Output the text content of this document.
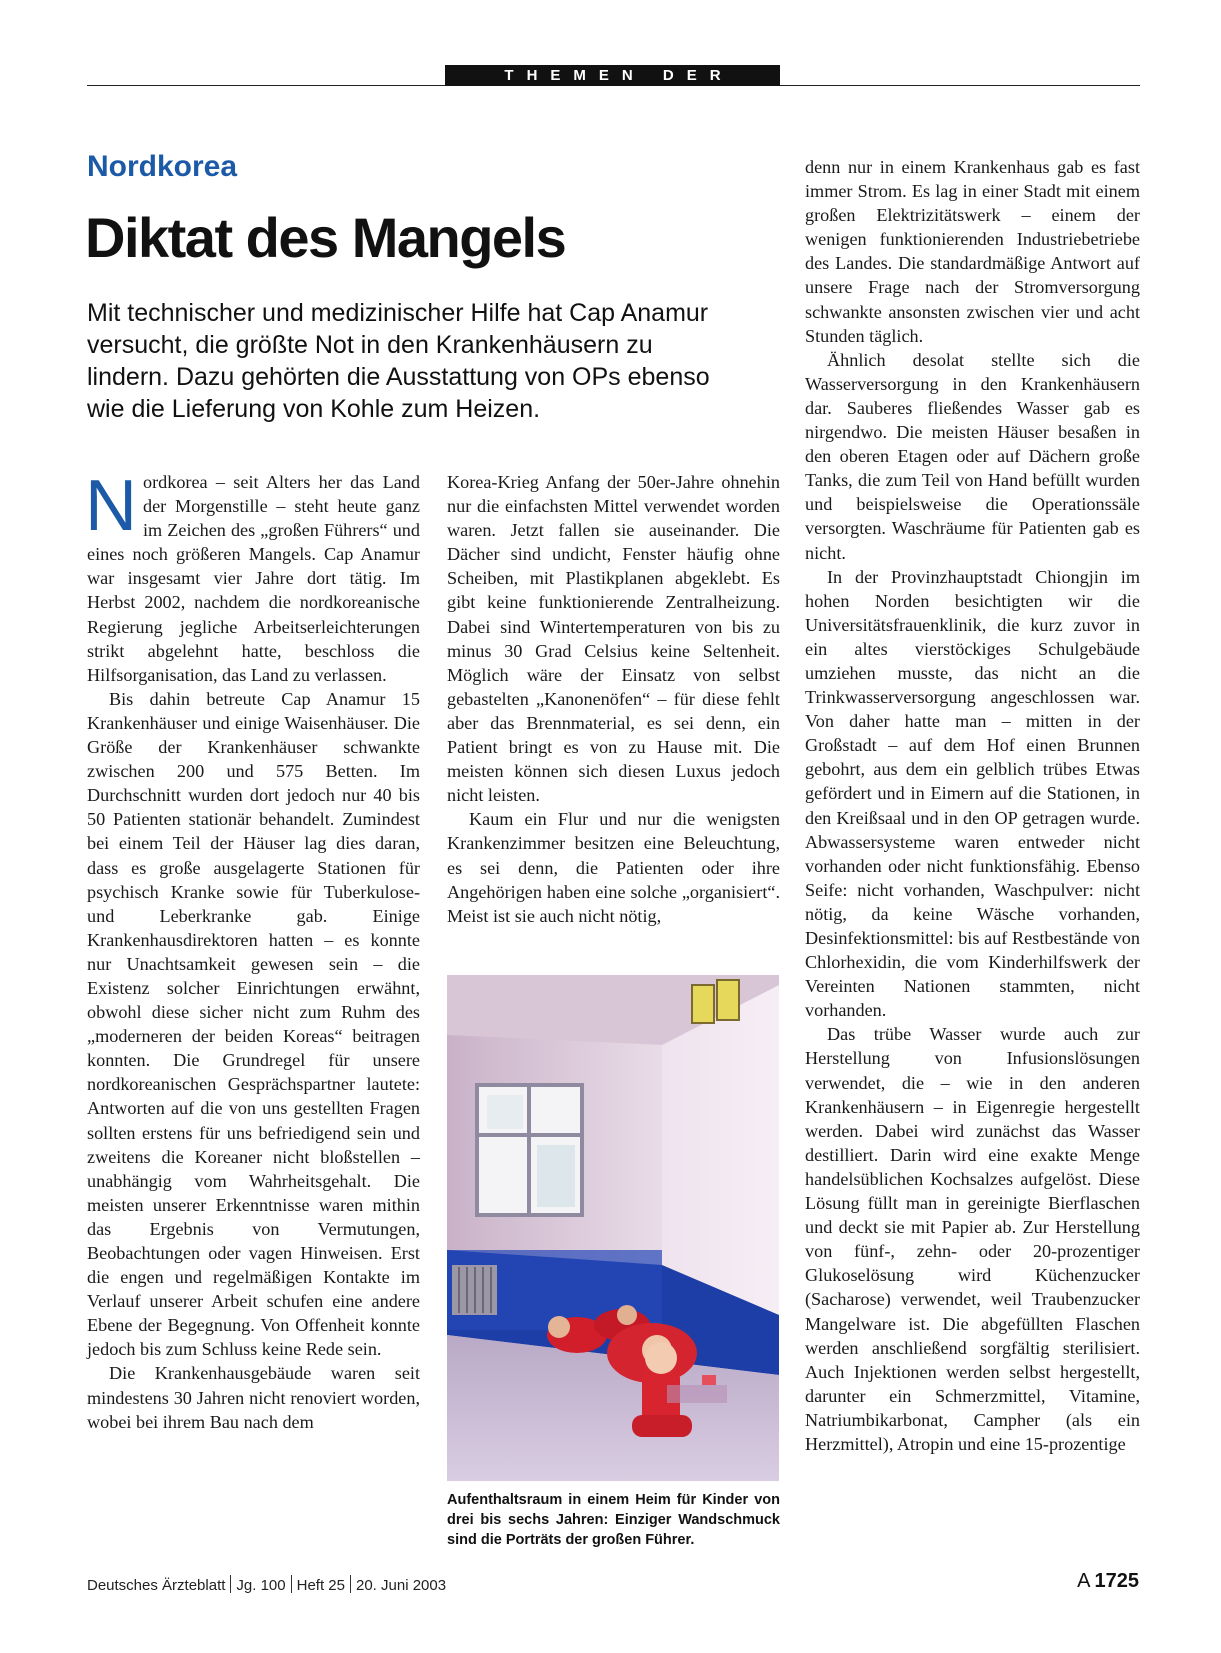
THEMEN DER ZEIT
Nordkorea
Diktat des Mangels
Mit technischer und medizinischer Hilfe hat Cap Anamur versucht, die größte Not in den Krankenhäusern zu lindern. Dazu gehörten die Ausstattung von OPs ebenso wie die Lieferung von Kohle zum Heizen.

Nordkorea – seit Alters her das Land der Morgenstille – steht heute ganz im Zeichen des „großen Führers“ und eines noch größeren Mangels. Cap Anamur war insgesamt vier Jahre dort tätig. Im Herbst 2002, nachdem die nordkoreanische Regierung jegliche Arbeitserleichterungen strikt abgelehnt hatte, beschloss die Hilfsorganisation, das Land zu verlassen.

Bis dahin betreute Cap Anamur 15 Krankenhäuser und einige Waisenhäuser. Die Größe der Krankenhäuser schwankte zwischen 200 und 575 Betten. Im Durchschnitt wurden dort jedoch nur 40 bis 50 Patienten stationär behandelt. Zumindest bei einem Teil der Häuser lag dies daran, dass es große ausgelagerte Stationen für psychisch Kranke sowie für Tuberkulose- und Leberkranke gab. Einige Krankenhausdirektoren hatten – es konnte nur Unachtsamkeit gewesen sein – die Existenz solcher Einrichtungen erwähnt, obwohl diese sicher nicht zum Ruhm des „moderneren der beiden Koreas“ beitragen konnten. Die Grundregel für unsere nordkoreanischen Gesprächspartner lautete: Antworten auf die von uns gestellten Fragen sollten erstens für uns befriedigend sein und zweitens die Koreaner nicht bloßstellen – unabhängig vom Wahrheitsgehalt. Die meisten unserer Erkenntnisse waren mithin das Ergebnis von Vermutungen, Beobachtungen oder vagen Hinweisen. Erst die engen und regelmäßigen Kontakte im Verlauf unserer Arbeit schufen eine andere Ebene der Begegnung. Von Offenheit konnte jedoch bis zum Schluss keine Rede sein.

Die Krankenhausgebäude waren seit mindestens 30 Jahren nicht renoviert worden, wobei bei ihrem Bau nach dem

Korea-Krieg Anfang der 50er-Jahre ohnehin nur die einfachsten Mittel verwendet worden waren. Jetzt fallen sie auseinander. Die Dächer sind undicht, Fenster häufig ohne Scheiben, mit Plastikplanen abgeklebt. Es gibt keine funktionierende Zentralheizung. Dabei sind Wintertemperaturen von bis zu minus 30 Grad Celsius keine Seltenheit. Möglich wäre der Einsatz von selbst gebastelten „Kanonenöfen“ – für diese fehlt aber das Brennmaterial, es sei denn, ein Patient bringt es von zu Hause mit. Die meisten können sich diesen Luxus jedoch nicht leisten.

Kaum ein Flur und nur die wenigsten Krankenzimmer besitzen eine Beleuchtung, es sei denn, die Patienten oder ihre Angehörigen haben eine solche „organisiert“. Meist ist sie auch nicht nötig,

Aufenthaltsraum in einem Heim für Kinder von drei bis sechs Jahren: Einziger Wandschmuck sind die Porträts der großen Führer.

denn nur in einem Krankenhaus gab es fast immer Strom. Es lag in einer Stadt mit einem großen Elektrizitätswerk – einem der wenigen funktionierenden Industriebetriebe des Landes. Die standardmäßige Antwort auf unsere Frage nach der Stromversorgung schwankte ansonsten zwischen vier und acht Stunden täglich.

Ähnlich desolat stellte sich die Wasserversorgung in den Krankenhäusern dar. Sauberes fließendes Wasser gab es nirgendwo. Die meisten Häuser besaßen in den oberen Etagen oder auf Dächern große Tanks, die zum Teil von Hand befüllt wurden und beispielsweise die Operationssäle versorgten. Waschräume für Patienten gab es nicht.

In der Provinzhauptstadt Chiongjin im hohen Norden besichtigten wir die Universitätsfrauenklinik, die kurz zuvor in ein altes vierstöckiges Schulgebäude umziehen musste, das nicht an die Trinkwasserversorgung angeschlossen war. Von daher hatte man – mitten in der Großstadt – auf dem Hof einen Brunnen gebohrt, aus dem ein gelblich trübes Etwas gefördert und in Eimern auf die Stationen, in den Kreißsaal und in den OP getragen wurde. Abwassersysteme waren entweder nicht vorhanden oder nicht funktionsfähig. Ebenso Seife: nicht vorhanden, Waschpulver: nicht nötig, da keine Wäsche vorhanden, Desinfektionsmittel: bis auf Restbestände von Chlorhexidin, die vom Kinderhilfswerk der Vereinten Nationen stammten, nicht vorhanden.

Das trübe Wasser wurde auch zur Herstellung von Infusionslösungen verwendet, die – wie in den anderen Krankenhäusern – in Eigenregie hergestellt werden. Dabei wird zunächst das Wasser destilliert. Darin wird eine exakte Menge handelsüblichen Kochsalzes aufgelöst. Diese Lösung füllt man in gereinigte Bierflaschen und deckt sie mit Papier ab. Zur Herstellung von fünf-, zehn- oder 20-prozentiger Glukoselösung wird Küchenzucker (Sacharose) verwendet, weil Traubenzucker Mangelware ist. Die abgefüllten Flaschen werden anschließend sorgfältig sterilisiert. Auch Injektionen werden selbst hergestellt, darunter ein Schmerzmittel, Vitamine, Natriumbikarbonat, Campher (als ein Herzmittel), Atropin und eine 15-prozentige

Deutsches Ärzteblatt Jg. 100 Heft 25 20. Juni 2003	A  1725
